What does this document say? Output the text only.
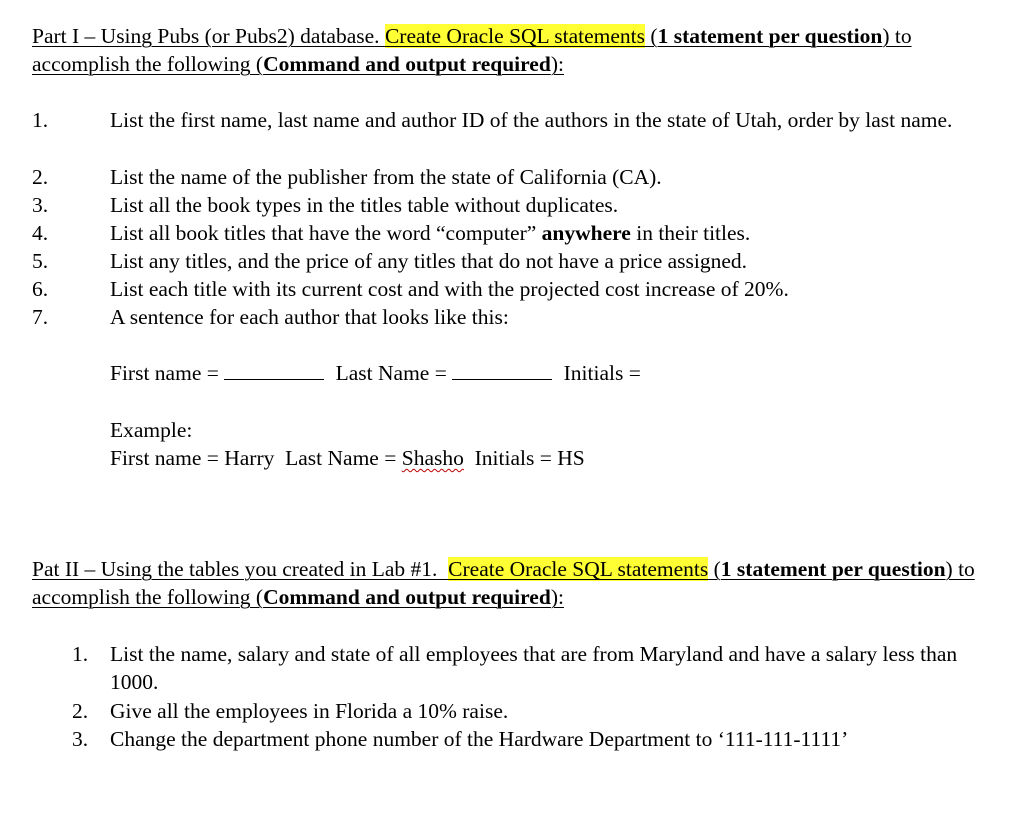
Part I – Using Pubs (or Pubs2) database. Create Oracle SQL statements (1 statement per question) to accomplish the following (Command and output required):
1.	List the first name, last name and author ID of the authors in the state of Utah, order by last name.
2.	List the name of the publisher from the state of California (CA).
3.	List all the book types in the titles table without duplicates.
4.	List all book titles that have the word “computer” anywhere in their titles.
5.	List any titles, and the price of any titles that do not have a price assigned.
6.	List each title with its current cost and with the projected cost increase of 20%.
7.	A sentence for each author that looks like this:
First name =	Last Name =	Initials =
Example:
First name = Harry  Last Name = Shasho  Initials = HS
Pat II – Using the tables you created in Lab #1.  Create Oracle SQL statements (1 statement per question) to accomplish the following (Command and output required):
1. List the name, salary and state of all employees that are from Maryland and have a salary less than 1000.
2. Give all the employees in Florida a 10% raise.
3. Change the department phone number of the Hardware Department to ‘111-111-1111’
